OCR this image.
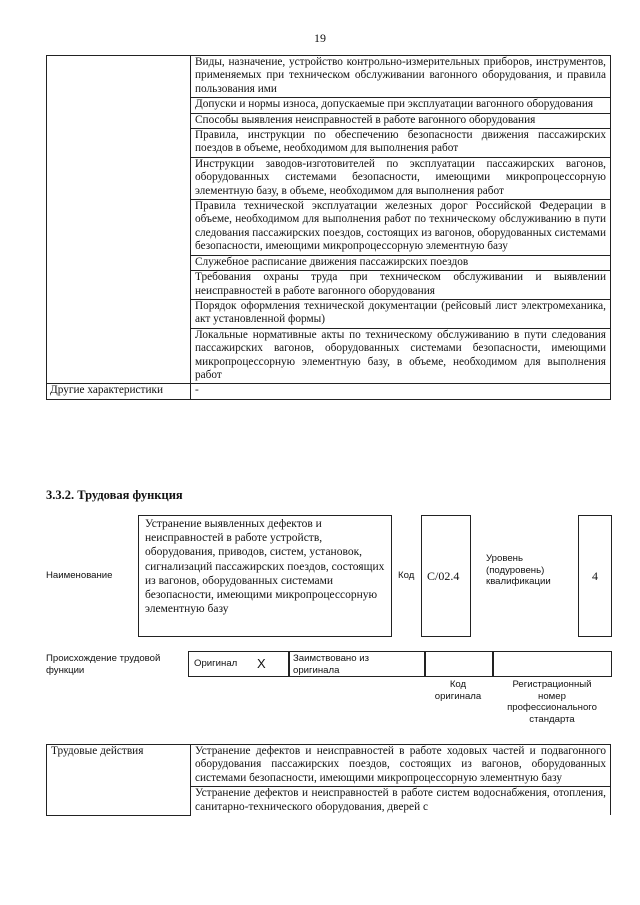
19
	Виды, назначение, устройство контрольно-измерительных приборов, инструментов, применяемых при техническом обслуживании вагонного оборудования, и правила пользования ими
	Допуски и нормы износа, допускаемые при эксплуатации вагонного оборудования
	Способы выявления неисправностей в работе вагонного оборудования
	Правила, инструкции по обеспечению безопасности движения пассажирских поездов в объеме, необходимом для выполнения работ
	Инструкции заводов-изготовителей по эксплуатации пассажирских вагонов, оборудованных системами безопасности, имеющими микропроцессорную элементную базу, в объеме, необходимом для выполнения работ
	Правила технической эксплуатации железных дорог Российской Федерации в объеме, необходимом для выполнения работ по техническому обслуживанию в пути следования пассажирских поездов, состоящих из вагонов, оборудованных системами безопасности, имеющими микропроцессорную элементную базу
	Служебное расписание движения пассажирских поездов
	Требования охраны труда при техническом обслуживании и выявлении неисправностей в работе вагонного оборудования
	Порядок оформления технической документации (рейсовый лист электромеханика, акт установленной формы)
	Локальные нормативные акты по техническому обслуживанию в пути следования пассажирских вагонов, оборудованных системами безопасности, имеющими микропроцессорную элементную базу, в объеме, необходимом для выполнения работ
Другие характеристики	-
3.3.2. Трудовая функция
Наименование
Устранение выявленных дефектов и неисправностей в работе устройств, оборудования, приводов, систем, установок, сигнализаций пассажирских поездов, состоящих из вагонов, оборудованных системами безопасности, имеющими микропроцессорную элементную базу
Код C/02.4
Уровень (подуровень) квалификации	4
Происхождение трудовой функции
Оригинал X	Заимствовано из оригинала
Код оригинала
Регистрационный номер профессионального стандарта
Трудовые действия	Устранение дефектов и неисправностей в работе ходовых частей и подвагонного оборудования пассажирских поездов, состоящих из вагонов, оборудованных системами безопасности, имеющими микропроцессорную элементную базу
Устранение дефектов и неисправностей в работе систем водоснабжения, отопления, санитарно-технического оборудования, дверей с
